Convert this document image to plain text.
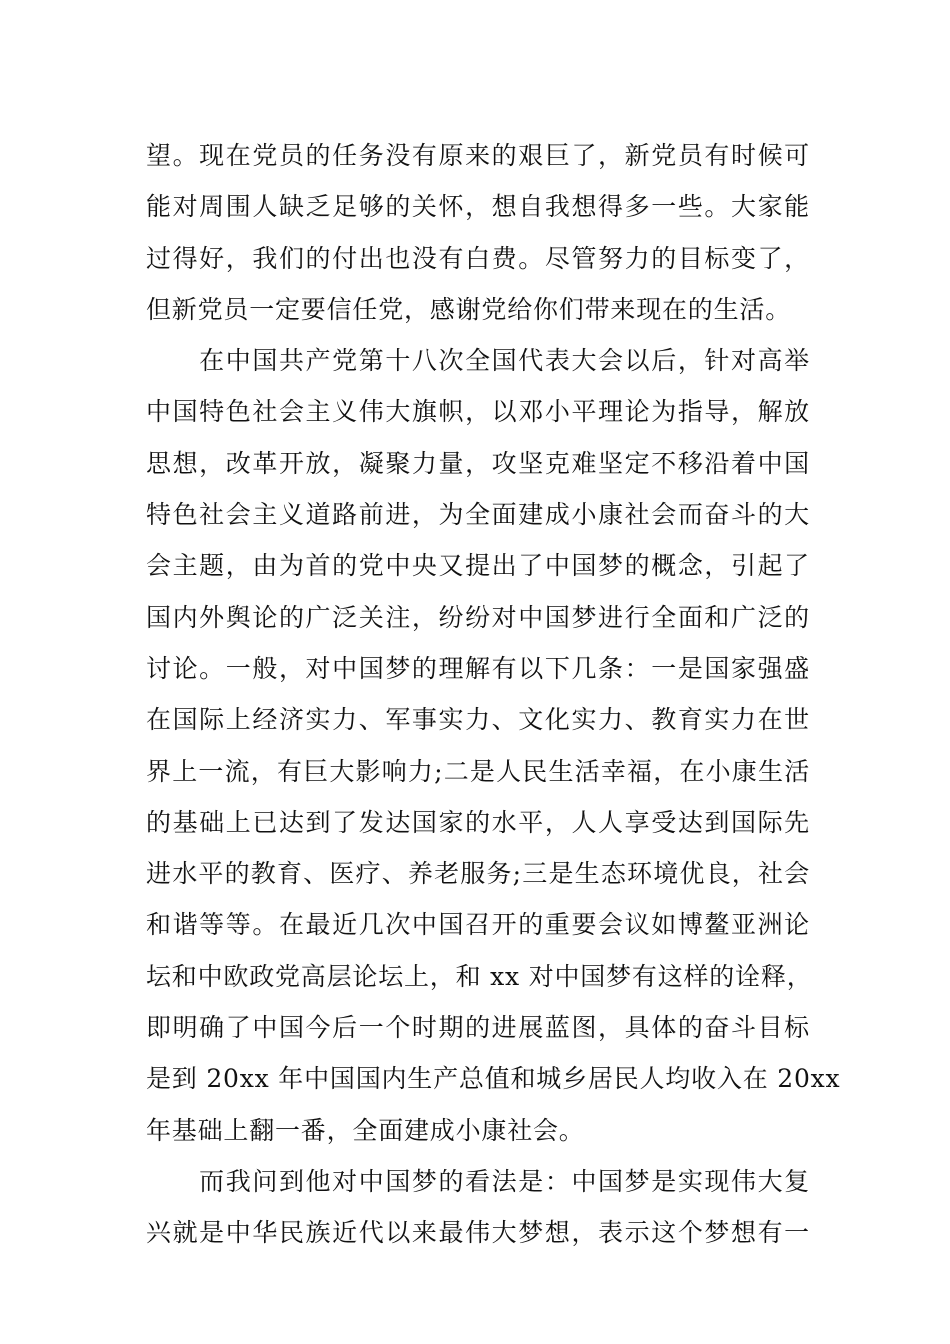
望。现在党员的任务没有原来的艰巨了，新党员有时候可
能对周围人缺乏足够的关怀，想自我想得多一些。大家能
过得好，我们的付出也没有白费。尽管努力的目标变了，
但新党员一定要信任党，感谢党给你们带来现在的生活。
　　在中国共产党第十八次全国代表大会以后，针对高举
中国特色社会主义伟大旗帜，以邓小平理论为指导，解放
思想，改革开放，凝聚力量，攻坚克难坚定不移沿着中国
特色社会主义道路前进，为全面建成小康社会而奋斗的大
会主题，由为首的党中央又提出了中国梦的概念，引起了
国内外舆论的广泛关注，纷纷对中国梦进行全面和广泛的
讨论。一般，对中国梦的理解有以下几条：一是国家强盛
在国际上经济实力、军事实力、文化实力、教育实力在世
界上一流，有巨大影响力;二是人民生活幸福，在小康生活
的基础上已达到了发达国家的水平，人人享受达到国际先
进水平的教育、医疗、养老服务;三是生态环境优良，社会
和谐等等。在最近几次中国召开的重要会议如博鳌亚洲论
坛和中欧政党高层论坛上，和 xx 对中国梦有这样的诠释，
即明确了中国今后一个时期的进展蓝图，具体的奋斗目标
是到 20xx 年中国国内生产总值和城乡居民人均收入在 20xx
年基础上翻一番，全面建成小康社会。
　　而我问到他对中国梦的看法是：中国梦是实现伟大复
兴就是中华民族近代以来最伟大梦想，表示这个梦想有一
